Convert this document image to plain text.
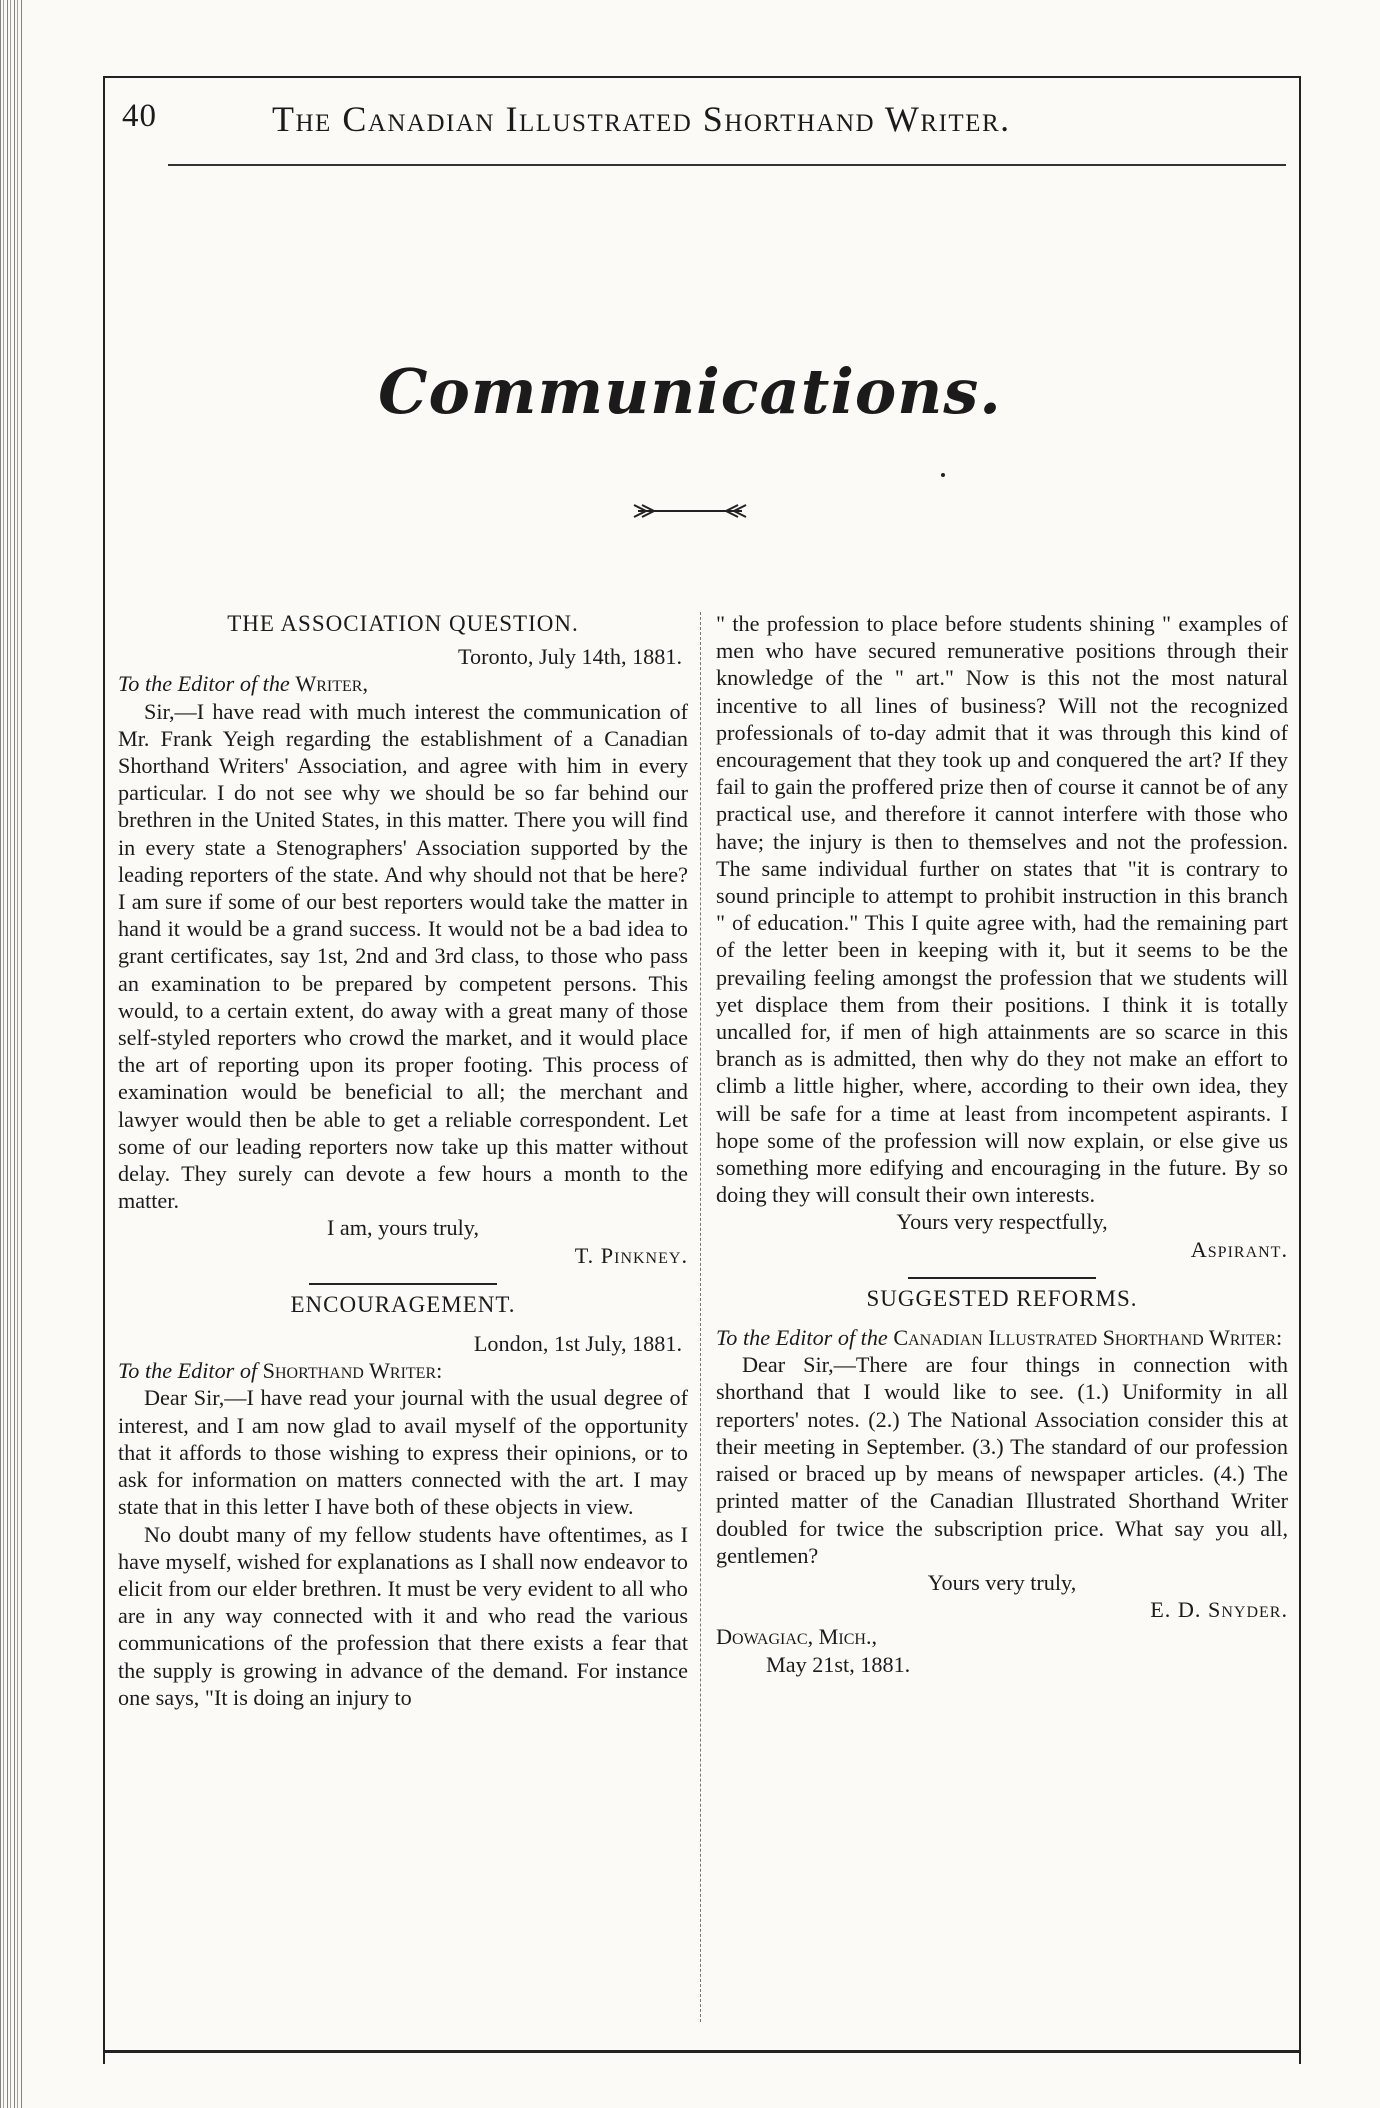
40	The Canadian Illustrated Shorthand Writer.
Communications.

THE ASSOCIATION QUESTION.

Toronto, July 14th, 1881.

To the Editor of the Writer,

Sir,—I have read with much interest the communication of Mr. Frank Yeigh regarding the establishment of a Canadian Shorthand Writers' Association, and agree with him in every particular. I do not see why we should be so far behind our brethren in the United States, in this matter. There you will find in every state a Stenographers' Association supported by the leading reporters of the state. And why should not that be here? I am sure if some of our best reporters would take the matter in hand it would be a grand success. It would not be a bad idea to grant certificates, say 1st, 2nd and 3rd class, to those who pass an examination to be prepared by competent persons. This would, to a certain extent, do away with a great many of those self-styled reporters who crowd the market, and it would place the art of reporting upon its proper footing. This process of examination would be beneficial to all; the merchant and lawyer would then be able to get a reliable correspondent. Let some of our leading reporters now take up this matter without delay. They surely can devote a few hours a month to the matter.

I am, yours truly,

T. Pinkney.

ENCOURAGEMENT.

London, 1st July, 1881.

To the Editor of Shorthand Writer:

Dear Sir,—I have read your journal with the usual degree of interest, and I am now glad to avail myself of the opportunity that it affords to those wishing to express their opinions, or to ask for information on matters connected with the art. I may state that in this letter I have both of these objects in view.

No doubt many of my fellow students have oftentimes, as I have myself, wished for explanations as I shall now endeavor to elicit from our elder brethren. It must be very evident to all who are in any way connected with it and who read the various communications of the profession that there exists a fear that the supply is growing in advance of the demand. For instance one says, "It is doing an injury to

" the profession to place before students shining " examples of men who have secured remunerative positions through their knowledge of the " art." Now is this not the most natural incentive to all lines of business? Will not the recognized professionals of to-day admit that it was through this kind of encouragement that they took up and conquered the art? If they fail to gain the proffered prize then of course it cannot be of any practical use, and therefore it cannot interfere with those who have; the injury is then to themselves and not the profession. The same individual further on states that "it is contrary to sound principle to attempt to prohibit instruction in this branch " of education." This I quite agree with, had the remaining part of the letter been in keeping with it, but it seems to be the prevailing feeling amongst the profession that we students will yet displace them from their positions. I think it is totally uncalled for, if men of high attainments are so scarce in this branch as is admitted, then why do they not make an effort to climb a little higher, where, according to their own idea, they will be safe for a time at least from incompetent aspirants. I hope some of the profession will now explain, or else give us something more edifying and encouraging in the future. By so doing they will consult their own interests.

Yours very respectfully,

Aspirant.

SUGGESTED REFORMS.

To the Editor of the Canadian Illustrated Shorthand Writer:

Dear Sir,—There are four things in connection with shorthand that I would like to see. (1.) Uniformity in all reporters' notes. (2.) The National Association consider this at their meeting in September. (3.) The standard of our profession raised or braced up by means of newspaper articles. (4.) The printed matter of the Canadian Illustrated Shorthand Writer doubled for twice the subscription price. What say you all, gentlemen?

Yours very truly,

E. D. Snyder.

Dowagiac, Mich.,

May 21st, 1881.
